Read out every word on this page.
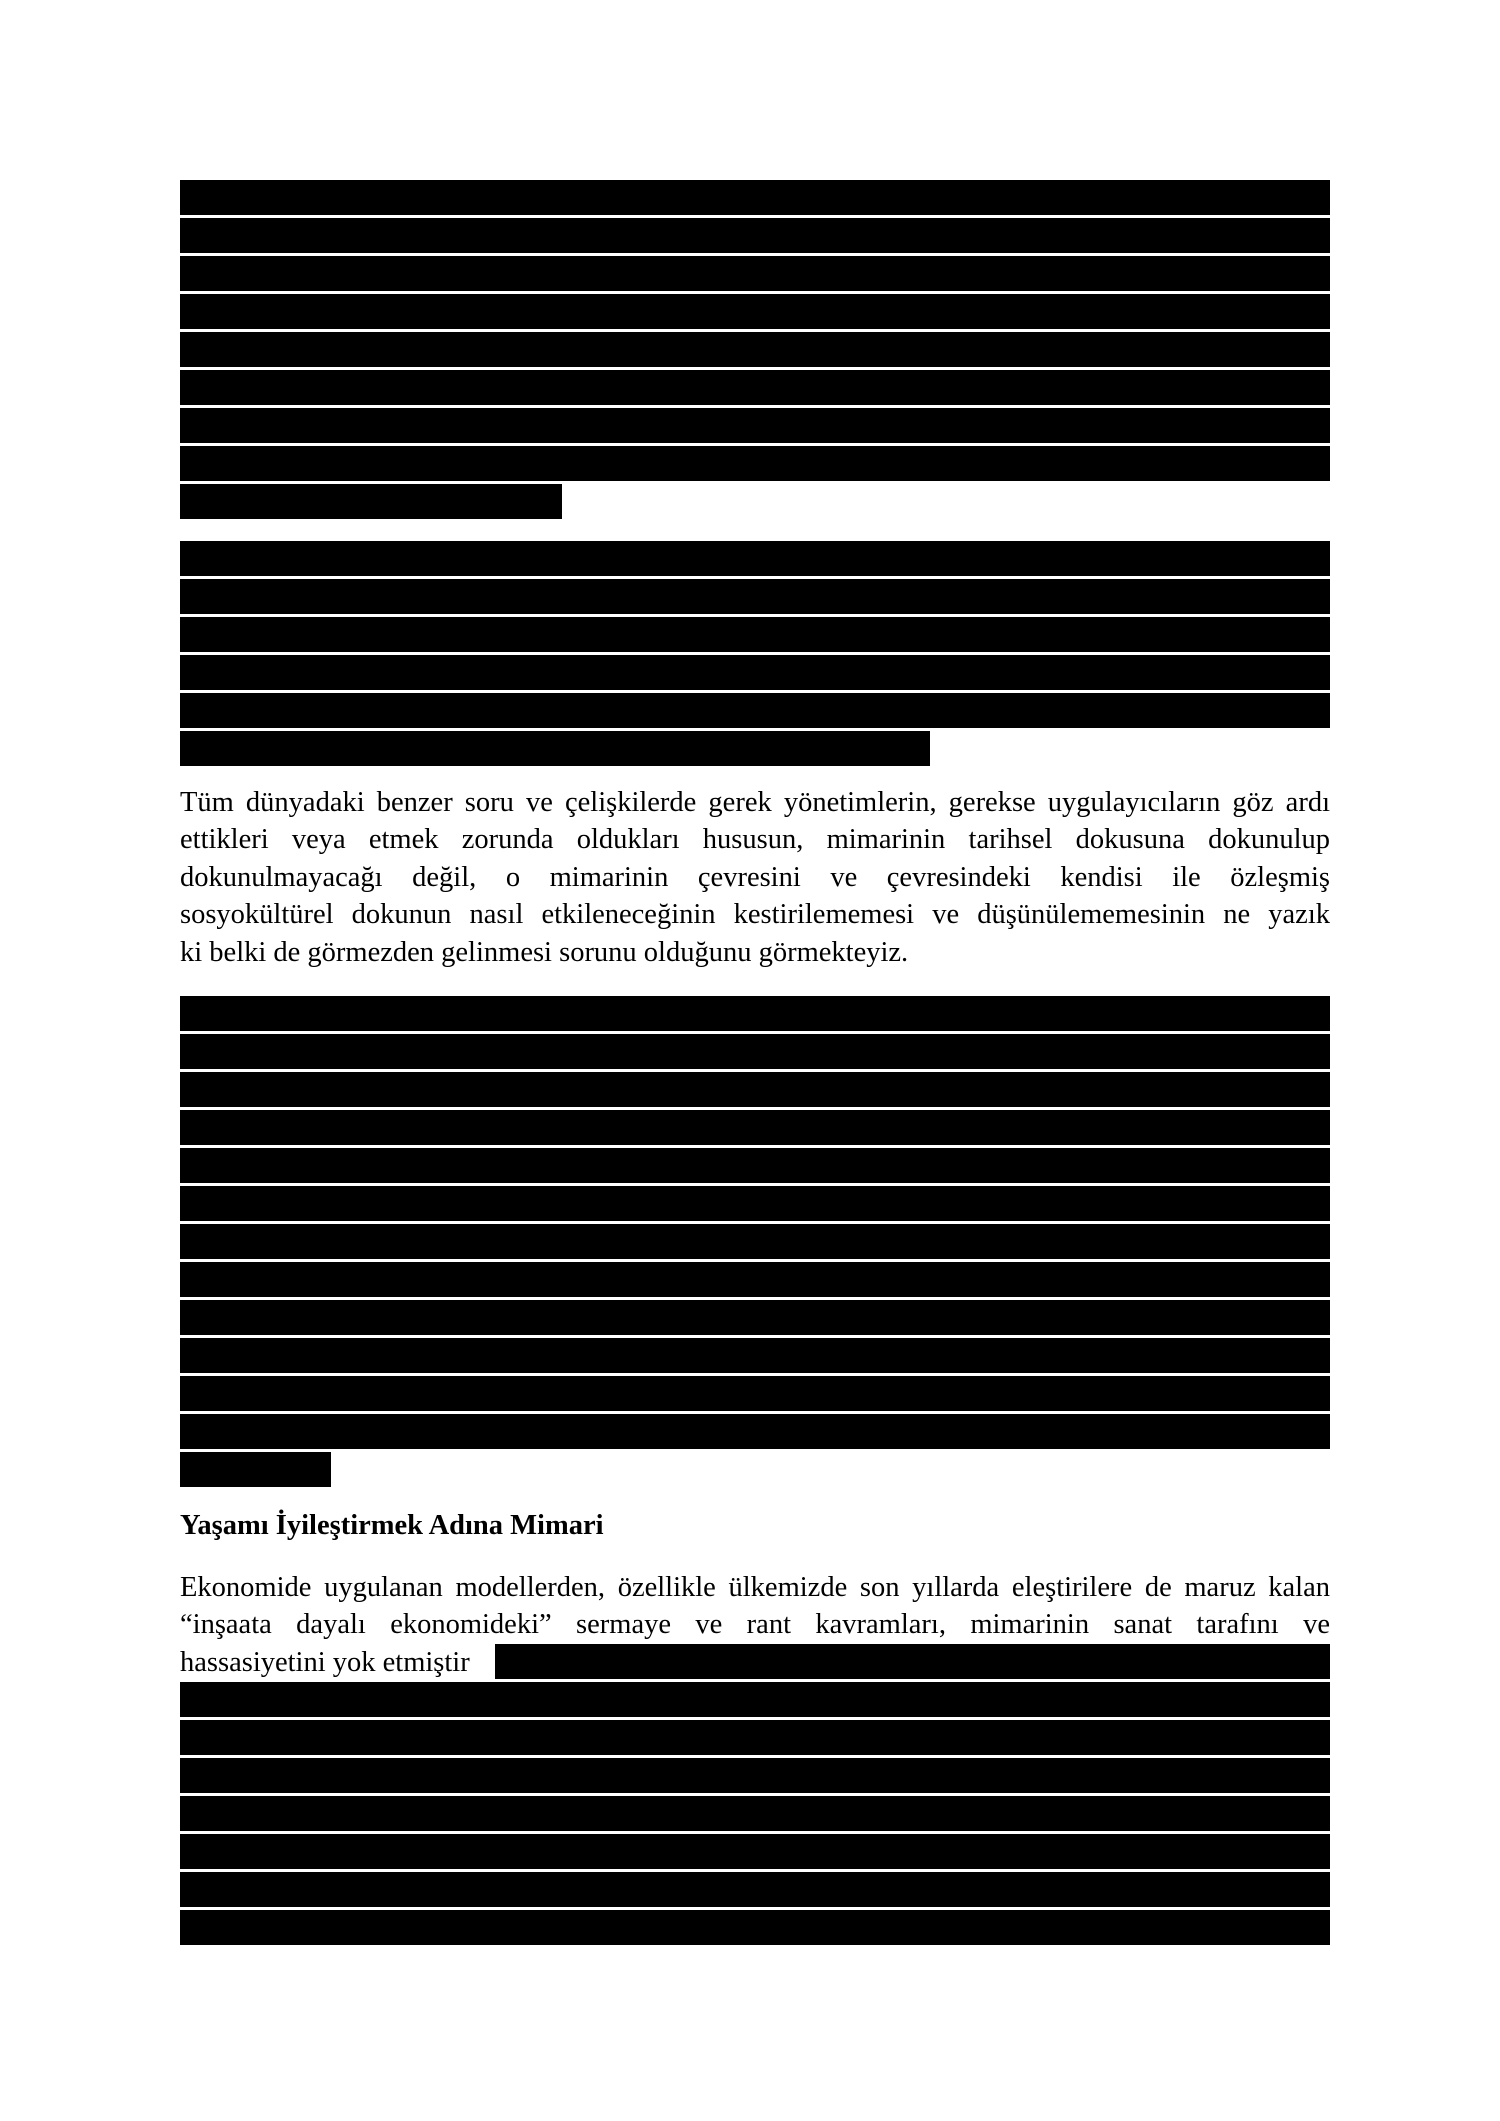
Tüm dünyadaki benzer soru ve çelişkilerde gerek yönetimlerin, gerekse uygulayıcıların göz ardı
ettikleri veya etmek zorunda oldukları hususun, mimarinin tarihsel dokusuna dokunulup
dokunulmayacağı değil, o mimarinin çevresini ve çevresindeki kendisi ile özleşmiş
sosyokültürel dokunun nasıl etkileneceğinin kestirilememesi ve düşünülememesinin ne yazık
ki belki de görmezden gelinmesi sorunu olduğunu görmekteyiz.
Yaşamı İyileştirmek Adına Mimari
Ekonomide uygulanan modellerden, özellikle ülkemizde son yıllarda eleştirilere de maruz kalan
“inşaata dayalı ekonomideki” sermaye ve rant kavramları, mimarinin sanat tarafını ve
hassasiyetini yok etmiştir
